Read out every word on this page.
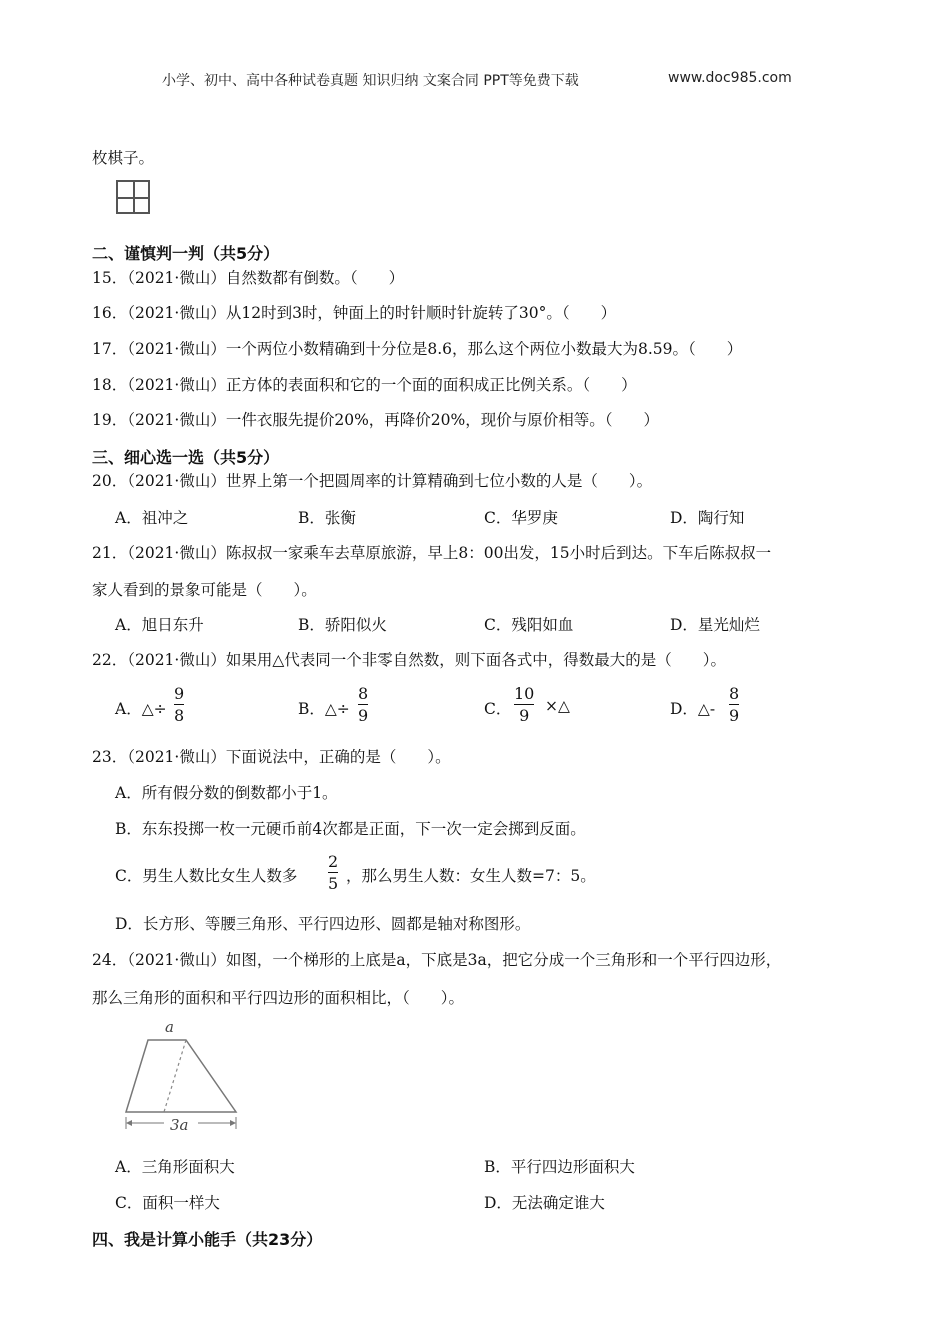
小学、初中、高中各种试卷真题 知识归纳 文案合同 PPT等免费下载	www.doc985.com
枚棋子。
二、谨慎判一判（共5分）
15．（2021·微山）自然数都有倒数。（　　）
16．（2021·微山）从12时到3时，钟面上的时针顺时针旋转了30°。（　　）
17．（2021·微山）一个两位小数精确到十分位是8.6，那么这个两位小数最大为8.59。（　　）
18．（2021·微山）正方体的表面积和它的一个面的面积成正比例关系。（　　）
19．（2021·微山）一件衣服先提价20%，再降价20%，现价与原价相等。（　　）
三、细心选一选（共5分）
20．（2021·微山）世界上第一个把圆周率的计算精确到七位小数的人是（　　）。
A．祖冲之	B．张衡	C．华罗庚	D．陶行知
21．（2021·微山）陈叔叔一家乘车去草原旅游，早上8：00出发，15小时后到达。下车后陈叔叔一
家人看到的景象可能是（　　）。
A．旭日东升	B．骄阳似火	C．残阳如血	D．星光灿烂
22．（2021·微山）如果用△代表同一个非零自然数，则下面各式中，得数最大的是（　　）。
A．△÷
9
8	B．△÷
8
9	C．
10
9 ×△	D．△-
8
9
23．（2021·微山）下面说法中，正确的是（　　）。
A．所有假分数的倒数都小于1。
B．东东投掷一枚一元硬币前4次都是正面，下一次一定会掷到反面。
C．男生人数比女生人数多
2
5 ，那么男生人数：女生人数=7：5。
D．长方形、等腰三角形、平行四边形、圆都是轴对称图形。
24．（2021·微山）如图，一个梯形的上底是a，下底是3a，把它分成一个三角形和一个平行四边形，
那么三角形的面积和平行四边形的面积相比，（　　）。
a
3a
A．三角形面积大	B．平行四边形面积大
C．面积一样大	D．无法确定谁大
四、我是计算小能手（共23分）
